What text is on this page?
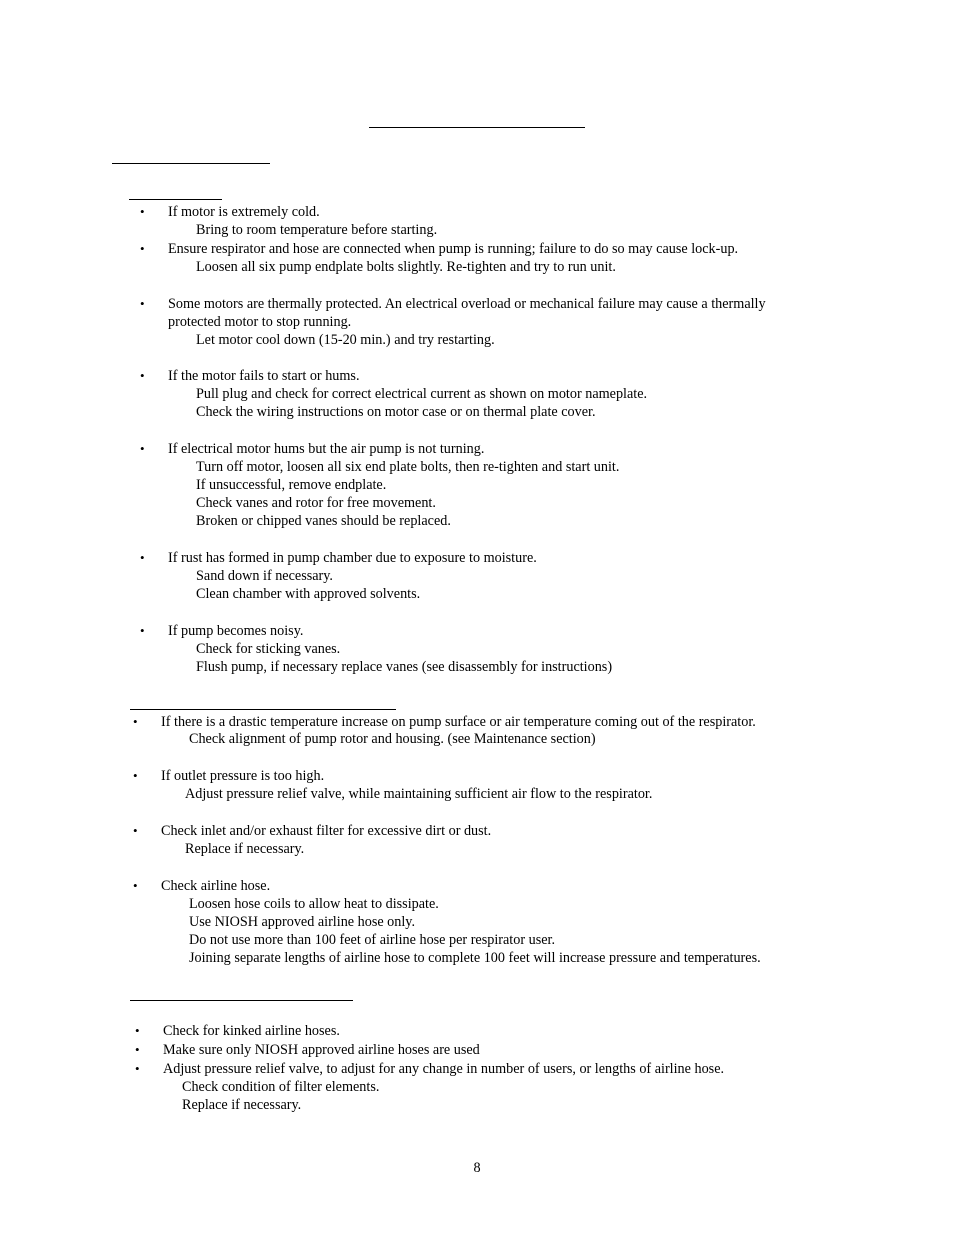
• If motor is extremely cold.
Bring to room temperature before starting.
• Ensure respirator and hose are connected when pump is running; failure to do so may cause lock-up.
Loosen all six pump endplate bolts slightly. Re-tighten and try to run unit.
• Some motors are thermally protected. An electrical overload or mechanical failure may cause a thermally
protected motor to stop running.
Let motor cool down (15-20 min.) and try restarting.
• If the motor fails to start or hums.
Pull plug and check for correct electrical current as shown on motor nameplate.
Check the wiring instructions on motor case or on thermal plate cover.
• If electrical motor hums but the air pump is not turning.
Turn off motor, loosen all six end plate bolts, then re-tighten and start unit.
If unsuccessful, remove endplate.
Check vanes and rotor for free movement.
Broken or chipped vanes should be replaced.
• If rust has formed in pump chamber due to exposure to moisture.
Sand down if necessary.
Clean chamber with approved solvents.
• If pump becomes noisy.
Check for sticking vanes.
Flush pump, if necessary replace vanes (see disassembly for instructions)
• If there is a drastic temperature increase on pump surface or air temperature coming out of the respirator.
Check alignment of pump rotor and housing. (see Maintenance section)
• If outlet pressure is too high.
Adjust pressure relief valve, while maintaining sufficient air flow to the respirator.
• Check inlet and/or exhaust filter for excessive dirt or dust.
Replace if necessary.
• Check airline hose.
Loosen hose coils to allow heat to dissipate.
Use NIOSH approved airline hose only.
Do not use more than 100 feet of airline hose per respirator user.
Joining separate lengths of airline hose to complete 100 feet will increase pressure and temperatures.
• Check for kinked airline hoses.
• Make sure only NIOSH approved airline hoses are used
• Adjust pressure relief valve, to adjust for any change in number of users, or lengths of airline hose.
Check condition of filter elements.
Replace if necessary.
8
